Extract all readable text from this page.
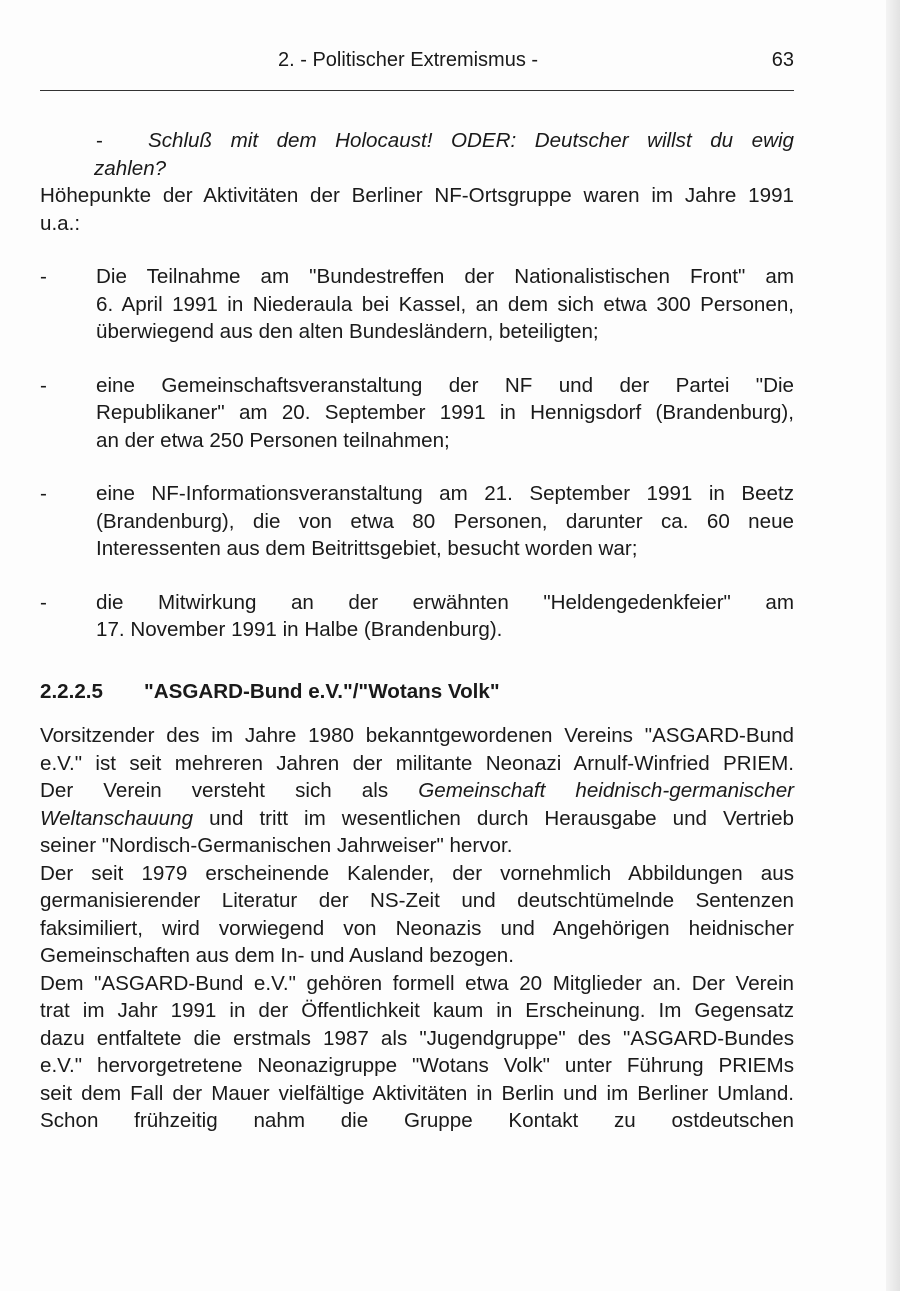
2. - Politischer Extremismus -	63
-	Schluß mit dem Holocaust! ODER: Deutscher willst du ewig

zahlen?

Höhepunkte der Aktivitäten der Berliner NF-Ortsgruppe waren im Jahre 1991

u.a.:

- Die Teilnahme am "Bundestreffen der Nationalistischen Front" am

6. April 1991 in Niederaula bei Kassel, an dem sich etwa 300 Personen,

überwiegend aus den alten Bundesländern, beteiligten;

- eine Gemeinschaftsveranstaltung der NF und der Partei "Die

Republikaner" am 20. September 1991 in Hennigsdorf (Brandenburg),

an der etwa 250 Personen teilnahmen;

- eine NF-Informationsveranstaltung am 21. September 1991 in Beetz

(Brandenburg), die von etwa 80 Personen, darunter ca. 60 neue

Interessenten aus dem Beitrittsgebiet, besucht worden war;

- die Mitwirkung an der erwähnten "Heldengedenkfeier" am

17. November 1991 in Halbe (Brandenburg).

2.2.2.5	"ASGARD-Bund e.V."/"Wotans Volk"

Vorsitzender des im Jahre 1980 bekanntgewordenen Vereins "ASGARD-Bund

e.V." ist seit mehreren Jahren der militante Neonazi Arnulf-Winfried PRIEM.

Der Verein versteht sich als Gemeinschaft heidnisch-germanischer

Weltanschauung und tritt im wesentlichen durch Herausgabe und Vertrieb

seiner "Nordisch-Germanischen Jahrweiser" hervor.

Der seit 1979 erscheinende Kalender, der vornehmlich Abbildungen aus

germanisierender Literatur der NS-Zeit und deutschtümelnde Sentenzen

faksimiliert, wird vorwiegend von Neonazis und Angehörigen heidnischer

Gemeinschaften aus dem In- und Ausland bezogen.

Dem "ASGARD-Bund e.V." gehören formell etwa 20 Mitglieder an. Der Verein

trat im Jahr 1991 in der Öffentlichkeit kaum in Erscheinung. Im Gegensatz

dazu entfaltete die erstmals 1987 als "Jugendgruppe" des "ASGARD-Bundes

e.V." hervorgetretene Neonazigruppe "Wotans Volk" unter Führung PRIEMs

seit dem Fall der Mauer vielfältige Aktivitäten in Berlin und im Berliner Umland.

Schon frühzeitig nahm die Gruppe Kontakt zu ostdeutschen
